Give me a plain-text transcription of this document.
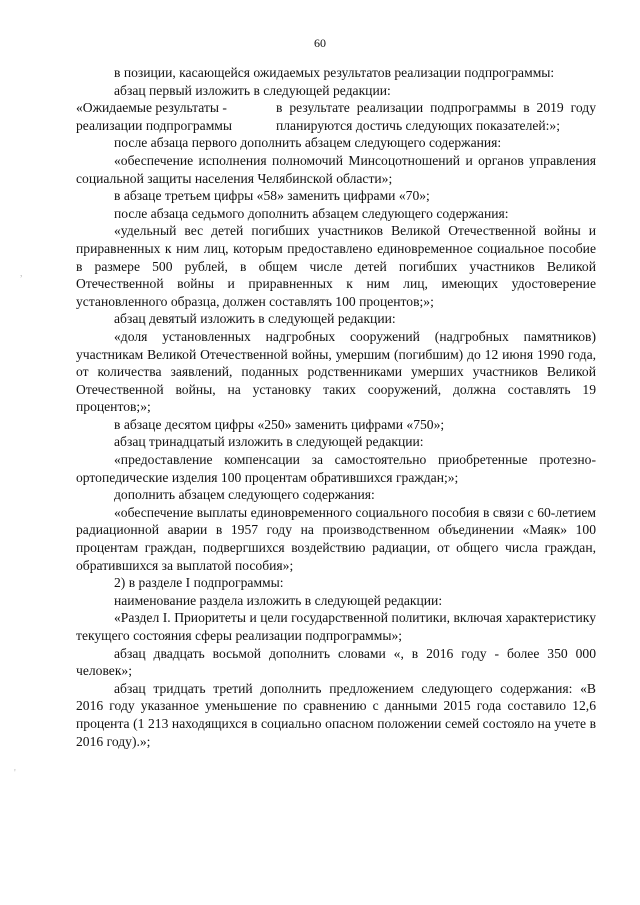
60

в позиции, касающейся ожидаемых результатов реализации подпрограммы:

абзац первый изложить в следующей редакции:

«Ожидаемые результаты - реализации подпрограммы
в результате реализации подпрограммы в 2019 году планируются достичь следующих показателей:»;

после абзаца первого дополнить абзацем следующего содержания:

«обеспечение исполнения полномочий Минсоцотношений и органов управления социальной защиты населения Челябинской области»;

в абзаце третьем цифры «58» заменить цифрами «70»;

после абзаца седьмого дополнить абзацем следующего содержания:

«удельный вес детей погибших участников Великой Отечественной войны и приравненных к ним лиц, которым предоставлено единовременное социальное пособие в размере 500 рублей, в общем числе детей погибших участников Великой Отечественной войны и приравненных к ним лиц, имеющих удостоверение установленного образца, должен составлять 100 процентов;»;

абзац девятый изложить в следующей редакции:

«доля установленных надгробных сооружений (надгробных памятников) участникам Великой Отечественной войны, умершим (погибшим) до 12 июня 1990 года, от количества заявлений, поданных родственниками умерших участников Великой Отечественной войны, на установку таких сооружений, должна составлять 19 процентов;»;

в абзаце десятом цифры «250» заменить цифрами «750»;

абзац тринадцатый изложить в следующей редакции:

«предоставление компенсации за самостоятельно приобретенные протезно-ортопедические изделия 100 процентам обратившихся граждан;»;

дополнить абзацем следующего содержания:

«обеспечение выплаты единовременного социального пособия в связи с 60-летием радиационной аварии в 1957 году на производственном объединении «Маяк» 100 процентам граждан, подвергшихся воздействию радиации, от общего числа граждан, обратившихся за выплатой пособия»;

2) в разделе I подпрограммы:

наименование раздела изложить в следующей редакции:

«Раздел I. Приоритеты и цели государственной политики, включая характеристику текущего состояния сферы реализации подпрограммы»;

абзац двадцать восьмой дополнить словами «, в 2016 году - более 350 000 человек»;

абзац тридцать третий дополнить предложением следующего содержания: «В 2016 году указанное уменьшение по сравнению с данными 2015 года составило 12,6 процента (1 213 находящихся в социально опасном положении семей состояло на учете в 2016 году).»;

,
'
